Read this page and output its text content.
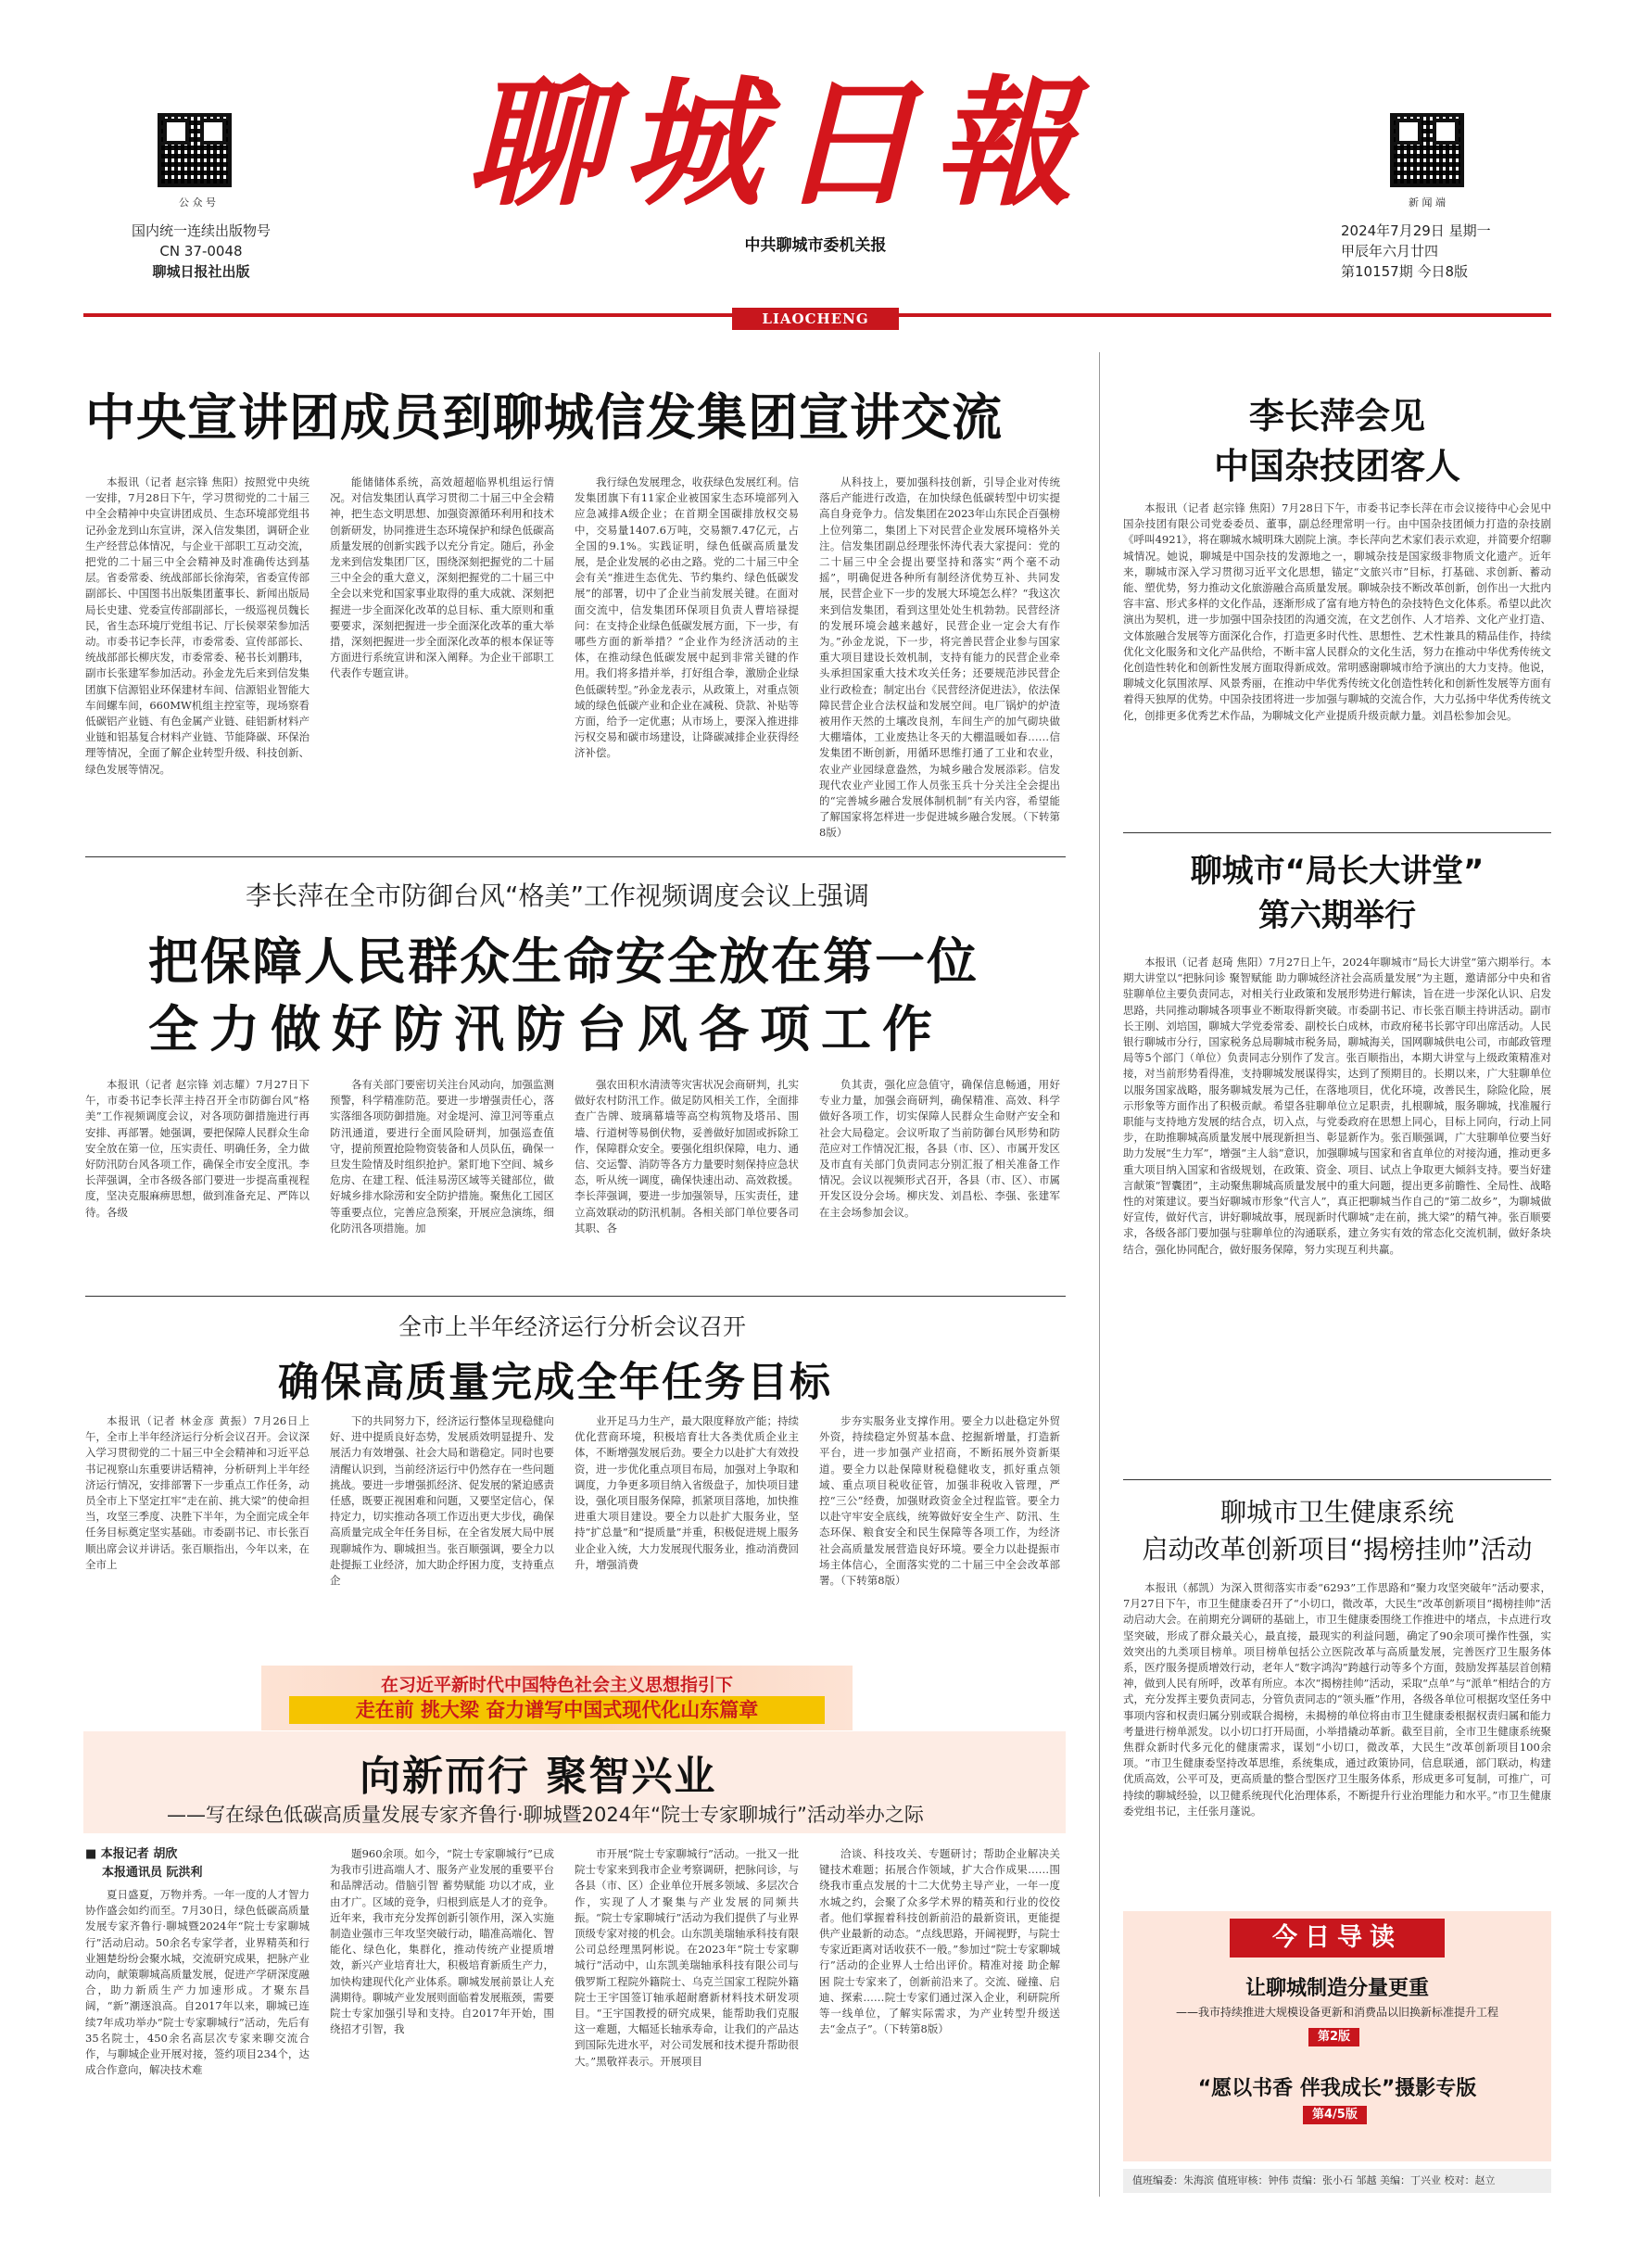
公 众 号
国内统一连续出版物号
CN 37-0048
聊城日报社出版
聊城日報
中共聊城市委机关报
新 闻 端
2024年7月29日 星期一
甲辰年六月廿四
第10157期 今日8版
LIAOCHENG RIBAO
中央宣讲团成员到聊城信发集团宣讲交流

本报讯（记者 赵宗锋 焦阳）按照党中央统一安排，7月28日下午，学习贯彻党的二十届三中全会精神中央宣讲团成员、生态环境部党组书记孙金龙到山东宣讲，深入信发集团，调研企业生产经营总体情况，与企业干部职工互动交流，把党的二十届三中全会精神及时准确传达到基层。省委常委、统战部部长徐海荣，省委宣传部副部长、中国图书出版集团董事长、新闻出版局局长史建、党委宣传部副部长，一级巡视员魏长民，省生态环境厅党组书记、厅长侯翠荣参加活动。市委书记李长萍，市委常委、宣传部部长、统战部部长柳庆发，市委常委、秘书长刘鹏玮，副市长张建军参加活动。孙金龙先后来到信发集团旗下信源铝业环保建材车间、信源铝业智能大车间螺车间，660MW机组主控室等，现场察看低碳铝产业链、有色金属产业链、硅铝新材料产业链和铝基复合材料产业链、节能降碳、环保治理等情况，全面了解企业转型升级、科技创新、绿色发展等情况。

能储储体系统，高效超超临界机组运行情况。对信发集团认真学习贯彻二十届三中全会精神，把生态文明思想、加强资源循环利用和技术创新研发，协同推进生态环境保护和绿色低碳高质量发展的创新实践予以充分肯定。随后，孙金龙来到信发集团厂区，围绕深刻把握党的二十届三中全会的重大意义，深刻把握党的二十届三中全会以来党和国家事业取得的重大成就、深刻把握进一步全面深化改革的总目标、重大原则和重要要求，深刻把握进一步全面深化改革的重大举措，深刻把握进一步全面深化改革的根本保证等方面进行系统宣讲和深入阐释。为企业干部职工代表作专题宣讲。

我行绿色发展理念，收获绿色发展红利。信发集团旗下有11家企业被国家生态环境部列入应急减排A级企业；在首期全国碳排放权交易中，交易量1407.6万吨，交易额7.47亿元，占全国的9.1%。实践证明，绿色低碳高质量发展，是企业发展的必由之路。党的二十届三中全会有关“推进生态优先、节约集约、绿色低碳发展”的部署，切中了企业当前发展关键。在面对面交流中，信发集团环保项目负责人曹培禄提问：在支持企业绿色低碳发展方面，下一步，有哪些方面的新举措？“企业作为经济活动的主体，在推动绿色低碳发展中起到非常关键的作用。我们将多措并举，打好组合拳，激励企业绿色低碳转型。”孙金龙表示，从政策上，对重点领域的绿色低碳产业和企业在减税、贷款、补贴等方面，给予一定优惠；从市场上，要深入推进排污权交易和碳市场建设，让降碳减排企业获得经济补偿。

从科技上，要加强科技创新，引导企业对传统落后产能进行改造，在加快绿色低碳转型中切实提高自身竞争力。信发集团在2023年山东民企百强榜上位列第二，集团上下对民营企业发展环境格外关注。信发集团副总经理张怀涛代表大家提问：党的二十届三中全会提出要坚持和落实“两个毫不动摇”，明确促进各种所有制经济优势互补、共同发展，民营企业下一步的发展大环境怎么样？“我这次来到信发集团，看到这里处处生机勃勃。民营经济的发展环境会越来越好，民营企业一定会大有作为。”孙金龙说，下一步，将完善民营企业参与国家重大项目建设长效机制，支持有能力的民营企业牵头承担国家重大技术攻关任务；还要规范涉民营企业行政检查；制定出台《民营经济促进法》，依法保障民营企业合法权益和发展空间。电厂锅炉的炉渣被用作天然的土壤改良剂，车间生产的加气砌块做大棚墙体，工业废热让冬天的大棚温暖如春……信发集团不断创新，用循环思维打通了工业和农业，农业产业园绿意盎然，为城乡融合发展添彩。信发现代农业产业园工作人员张玉兵十分关注全会提出的“完善城乡融合发展体制机制”有关内容，希望能了解国家将怎样进一步促进城乡融合发展。（下转第8版）

李长萍在全市防御台风“格美”工作视频调度会议上强调
把保障人民群众生命安全放在第一位
全力做好防汛防台风各项工作

本报讯（记者 赵宗锋 刘志耀）7月27日下午，市委书记李长萍主持召开全市防御台风“格美”工作视频调度会议，对各项防御措施进行再安排、再部署。她强调，要把保障人民群众生命安全放在第一位，压实责任、明确任务，全力做好防汛防台风各项工作，确保全市安全度汛。李长萍强调，全市各级各部门要进一步提高重视程度，坚决克服麻痹思想，做到准备充足、严阵以待。各级

各有关部门要密切关注台风动向，加强监测预警，科学精准防范。要进一步增强责任心，落实落细各项防御措施。对金堤河、漳卫河等重点防汛通道，要进行全面风险研判，加强巡查值守，提前预置抢险物资装备和人员队伍，确保一旦发生险情及时组织抢护。紧盯地下空间、城乡危房、在建工程、低洼易涝区域等关键部位，做好城乡排水除涝和安全防护措施。聚焦化工园区等重要点位，完善应急预案，开展应急演练，细化防汛各项措施。加

强农田积水清渍等灾害状况会商研判，扎实做好农村防汛工作。做足防风相关工作，全面排查广告牌、玻璃幕墙等高空构筑物及塔吊、围墙、行道树等易倒伏物，妥善做好加固或拆除工作，保障群众安全。要强化组织保障，电力、通信、交运警、消防等各方力量要时刻保持应急状态，听从统一调度，确保快速出动、高效救援。李长萍强调，要进一步加强领导，压实责任，建立高效联动的防汛机制。各相关部门单位要各司其职、各

负其责，强化应急值守，确保信息畅通，用好专业力量，加强会商研判，确保精准、高效、科学做好各项工作，切实保障人民群众生命财产安全和社会大局稳定。会议听取了当前防御台风形势和防范应对工作情况汇报，各县（市、区）、市属开发区及市直有关部门负责同志分别汇报了相关准备工作情况。会议以视频形式召开，各县（市、区）、市属开发区设分会场。柳庆发、刘昌松、李强、张建军在主会场参加会议。

全市上半年经济运行分析会议召开
确保高质量完成全年任务目标

本报讯（记者 林金彦 黄振）7月26日上午，全市上半年经济运行分析会议召开。会议深入学习贯彻党的二十届三中全会精神和习近平总书记视察山东重要讲话精神，分析研判上半年经济运行情况，安排部署下一步重点工作任务，动员全市上下坚定扛牢“走在前、挑大梁”的使命担当，攻坚三季度、决胜下半年，为全面完成全年任务目标奠定坚实基础。市委副书记、市长张百顺出席会议并讲话。张百顺指出，今年以来，在全市上

下的共同努力下，经济运行整体呈现稳健向好、进中提质良好态势，发展质效明显提升、发展活力有效增强、社会大局和谐稳定。同时也要清醒认识到，当前经济运行中仍然存在一些问题挑战。要进一步增强抓经济、促发展的紧迫感责任感，既要正视困难和问题，又要坚定信心，保持定力，切实推动各项工作迈出更大步伐，确保高质量完成全年任务目标，在全省发展大局中展现聊城作为、聊城担当。张百顺强调，要全力以赴提振工业经济，加大助企纾困力度，支持重点企

业开足马力生产，最大限度释放产能；持续优化营商环境，积极培育壮大各类优质企业主体，不断增强发展后劲。要全力以赴扩大有效投资，进一步优化重点项目布局，加强对上争取和调度，力争更多项目纳入省级盘子，加快项目建设，强化项目服务保障，抓紧项目落地，加快推进重大项目建设。要全力以赴扩大服务业，坚持“扩总量”和“提质量”并重，积极促进规上服务业企业入统，大力发展现代服务业，推动消费回升，增强消费

步夯实服务业支撑作用。要全力以赴稳定外贸外资，持续稳定外贸基本盘、挖掘新增量，打造新平台，进一步加强产业招商，不断拓展外资新渠道。要全力以赴保障财税稳健收支，抓好重点领域、重点项目税收征管，加强非税收入管理，严控“三公”经费，加强财政资金全过程监管。要全力以赴守牢安全底线，统筹做好安全生产、防汛、生态环保、粮食安全和民生保障等各项工作，为经济社会高质量发展营造良好环境。要全力以赴提振市场主体信心，全面落实党的二十届三中全会改革部署。（下转第8版）

在习近平新时代中国特色社会主义思想指引下
走在前 挑大梁 奋力谱写中国式现代化山东篇章
向新而行 聚智兴业
——写在绿色低碳高质量发展专家齐鲁行·聊城暨2024年“院士专家聊城行”活动举办之际
■ 本报记者 胡欣
本报通讯员 阮洪利

夏日盛夏，万物并秀。一年一度的人才智力协作盛会如约而至。7月30日，绿色低碳高质量发展专家齐鲁行·聊城暨2024年“院士专家聊城行”活动启动。50余名专家学者，业界精英和行业翘楚纷纷会聚水城，交流研究成果，把脉产业动向，献策聊城高质量发展，促进产学研深度融合，助力新质生产力加速形成。才聚东昌阔，“新”潮逐浪高。自2017年以来，聊城已连续7年成功举办“院士专家聊城行”活动，先后有35名院士，450余名高层次专家来聊交流合作，与聊城企业开展对接，签约项目234个，达成合作意向，解决技术难

题960余项。如今，“院士专家聊城行”已成为我市引进高端人才、服务产业发展的重要平台和品牌活动。借脑引智 蓄势赋能 功以才成，业由才广。区域的竞争，归根到底是人才的竞争。近年来，我市充分发挥创新引领作用，深入实施制造业强市三年攻坚突破行动，瞄准高端化、智能化、绿色化，集群化，推动传统产业提质增效，新兴产业培育壮大，积极培育新质生产力，加快构建现代化产业体系。聊城发展前景让人充满期待。聊城产业发展则面临着发展瓶颈，需要院士专家加强引导和支持。自2017年开始，围绕招才引智，我

市开展“院士专家聊城行”活动。一批又一批院士专家来到我市企业考察调研，把脉问诊，与各县（市、区）企业单位开展多领域、多层次合作，实现了人才聚集与产业发展的同频共振。“院士专家聊城行”活动为我们提供了与业界顶级专家对接的机会。山东凯美瑞轴承科技有限公司总经理黑阿彬说。在2023年“院士专家聊城行”活动中，山东凯美瑞轴承科技有限公司与俄罗斯工程院外籍院士、乌克兰国家工程院外籍院士王宇国签订轴承超耐磨新材料技术研发项目。“王宇国教授的研究成果，能帮助我们克服这一难题，大幅延长轴承寿命，让我们的产品达到国际先进水平，对公司发展和技术提升帮助很大。”黑敬祥表示。开展项目

洽谈、科技攻关、专题研讨；帮助企业解决关键技术难题；拓展合作领域，扩大合作成果……围绕我市重点发展的十二大优势主导产业，一年一度水城之约，会聚了众多学术界的精英和行业的佼佼者。他们掌握着科技创新前沿的最新资讯，更能提供产业最新的动态。“点线思路，开阔视野，与院士专家近距离对话收获不一般。”参加过“院士专家聊城行”活动的企业界人士给出评价。精准对接 助企解困 院士专家来了，创新前沿来了。交流、碰撞、启迪、探索……院士专家们通过深入企业，利研院所等一线单位，了解实际需求，为产业转型升级送去“金点子”。（下转第8版）

李长萍会见
中国杂技团客人

本报讯（记者 赵宗锋 焦阳）7月28日下午，市委书记李长萍在市会议接待中心会见中国杂技团有限公司党委委员、董事，副总经理常明一行。由中国杂技团倾力打造的杂技剧《呼叫4921》，将在聊城水城明珠大剧院上演。李长萍向艺术家们表示欢迎，并简要介绍聊城情况。她说，聊城是中国杂技的发源地之一，聊城杂技是国家级非物质文化遗产。近年来，聊城市深入学习贯彻习近平文化思想，锚定“文旅兴市”目标，打基础、求创新、蓄动能、塑优势，努力推动文化旅游融合高质量发展。聊城杂技不断改革创新，创作出一大批内容丰富、形式多样的文化作品，逐渐形成了富有地方特色的杂技特色文化体系。希望以此次演出为契机，进一步加强中国杂技团的沟通交流，在文艺创作、人才培养、文化产业打造、文体旅融合发展等方面深化合作，打造更多时代性、思想性、艺术性兼具的精品佳作，持续优化文化服务和文化产品供给，不断丰富人民群众的文化生活，努力在推动中华优秀传统文化创造性转化和创新性发展方面取得新成效。常明感谢聊城市给予演出的大力支持。他说，聊城文化氛围浓厚、风景秀丽，在推动中华优秀传统文化创造性转化和创新性发展等方面有着得天独厚的优势。中国杂技团将进一步加强与聊城的交流合作，大力弘扬中华优秀传统文化，创排更多优秀艺术作品，为聊城文化产业提质升级贡献力量。刘昌松参加会见。

聊城市“局长大讲堂”
第六期举行

本报讯（记者 赵琦 焦阳）7月27日上午，2024年聊城市“局长大讲堂”第六期举行。本期大讲堂以“把脉问诊 聚智赋能 助力聊城经济社会高质量发展”为主题，邀请部分中央和省驻聊单位主要负责同志，对相关行业政策和发展形势进行解读，旨在进一步深化认识、启发思路，共同推动聊城各项事业不断取得新突破。市委副书记、市长张百顺主持讲活动。副市长王刚、刘培国，聊城大学党委常委、副校长白成林，市政府秘书长郭守印出席活动。人民银行聊城市分行，国家税务总局聊城市税务局，聊城海关，国网聊城供电公司，市邮政管理局等5个部门（单位）负责同志分别作了发言。张百顺指出，本期大讲堂与上级政策精准对接，对当前形势看得准，支持聊城发展谋得实，达到了预期目的。长期以来，广大驻聊单位以服务国家战略，服务聊城发展为己任，在落地项目，优化环境，改善民生，除险化险，展示形象等方面作出了积极贡献。希望各驻聊单位立足职责，扎根聊城，服务聊城，找准履行职能与支持地方发展的结合点，切入点，与党委政府在思想上同心，目标上同向，行动上同步，在助推聊城高质量发展中展现新担当、彰显新作为。张百顺强调，广大驻聊单位要当好助力发展“生力军”，增强“主人翁”意识，加强聊城与国家和省直单位的对接沟通，推动更多重大项目纳入国家和省级规划，在政策、资金、项目、试点上争取更大倾斜支持。要当好建言献策“智囊团”，主动聚焦聊城高质量发展中的重大问题，提出更多前瞻性、全局性、战略性的对策建议。要当好聊城市形象“代言人”，真正把聊城当作自己的“第二故乡”，为聊城做好宣传，做好代言，讲好聊城故事，展现新时代聊城“走在前，挑大梁”的精气神。张百顺要求，各级各部门要加强与驻聊单位的沟通联系，建立务实有效的常态化交流机制，做好条块结合，强化协同配合，做好服务保障，努力实现互利共赢。

聊城市卫生健康系统
启动改革创新项目“揭榜挂帅”活动

本报讯（郝凯）为深入贯彻落实市委“6293”工作思路和“聚力攻坚突破年”活动要求，7月27日下午，市卫生健康委召开了“小切口，微改革，大民生”改革创新项目“揭榜挂帅”活动启动大会。在前期充分调研的基础上，市卫生健康委围绕工作推进中的堵点，卡点进行攻坚突破，形成了群众最关心，最直接，最现实的利益问题，确定了90余项可操作性强，实效突出的九类项目榜单。项目榜单包括公立医院改革与高质量发展，完善医疗卫生服务体系，医疗服务提质增效行动，老年人“数字鸿沟”跨越行动等多个方面，鼓励发挥基层首创精神，做到人民有所呼，改革有所应。本次“揭榜挂帅”活动，采取“点单”与“派单”相结合的方式，充分发挥主要负责同志，分管负责同志的“领头雁”作用，各级各单位可根据攻坚任务中事项内容和权责归属分别或联合揭榜，未揭榜的单位将由市卫生健康委根据权责归属和能力考量进行榜单派发。以小切口打开局面，小举措撬动革新。截至目前，全市卫生健康系统聚焦群众新时代多元化的健康需求，谋划“小切口，微改革，大民生”改革创新项目100余项。“市卫生健康委坚持改革思维，系统集成，通过政策协同，信息联通，部门联动，构建优质高效，公平可及，更高质量的整合型医疗卫生服务体系，形成更多可复制，可推广，可持续的聊城经验，以卫健系统现代化治理体系，不断提升行业治理能力和水平。”市卫生健康委党组书记，主任张月蓬说。

今日导读
让聊城制造分量更重
——我市持续推进大规模设备更新和消费品以旧换新标准提升工程
第2版
“愿以书香 伴我成长”摄影专版
第4/5版
值班编委：朱海滨 值班审核：钟伟 责编：张小石 邹越 美编：丁兴业 校对：赵立
